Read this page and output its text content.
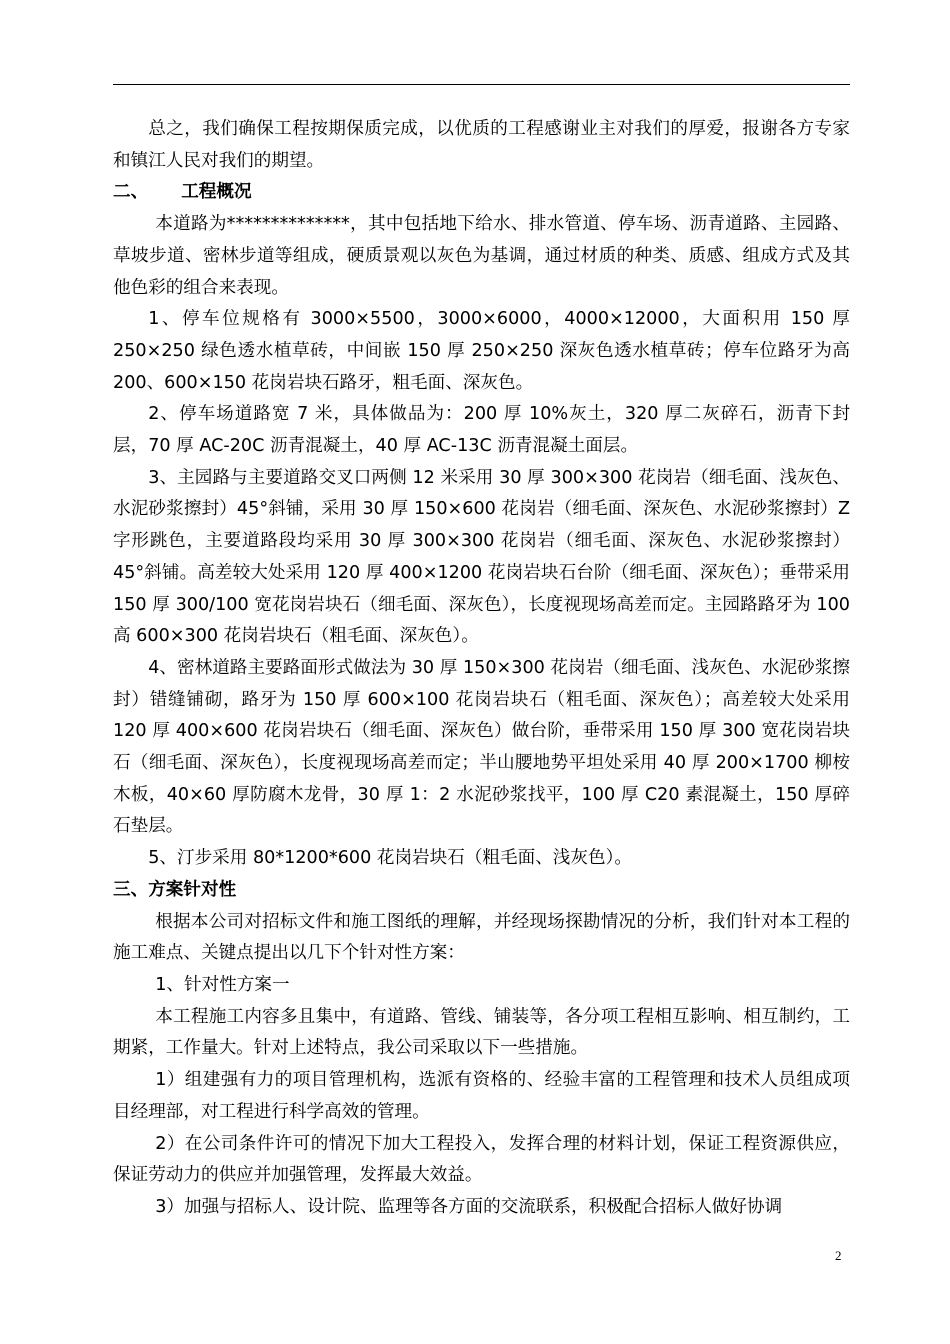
总之，我们确保工程按期保质完成，以优质的工程感谢业主对我们的厚爱，报谢各方专家和镇江人民对我们的期望。

二、 工程概况

本道路为**************，其中包括地下给水、排水管道、停车场、沥青道路、主园路、草坡步道、密林步道等组成，硬质景观以灰色为基调，通过材质的种类、质感、组成方式及其他色彩的组合来表现。

1、停车位规格有 3000×5500，3000×6000，4000×12000，大面积用 150 厚 250×250 绿色透水植草砖，中间嵌 150 厚 250×250 深灰色透水植草砖；停车位路牙为高 200、600×150 花岗岩块石路牙，粗毛面、深灰色。

2、停车场道路宽 7 米，具体做品为：200 厚 10%灰土，320 厚二灰碎石，沥青下封层，70 厚 AC-20C 沥青混凝土，40 厚 AC-13C 沥青混凝土面层。

3、主园路与主要道路交叉口两侧 12 米采用 30 厚 300×300 花岗岩（细毛面、浅灰色、水泥砂浆擦封）45°斜铺，采用 30 厚 150×600 花岗岩（细毛面、深灰色、水泥砂浆擦封）Z 字形跳色，主要道路段均采用 30 厚 300×300 花岗岩（细毛面、深灰色、水泥砂浆擦封）45°斜铺。高差较大处采用 120 厚 400×1200 花岗岩块石台阶（细毛面、深灰色）；垂带采用 150 厚 300/100 宽花岗岩块石（细毛面、深灰色），长度视现场高差而定。主园路路牙为 100 高 600×300 花岗岩块石（粗毛面、深灰色）。

4、密林道路主要路面形式做法为 30 厚 150×300 花岗岩（细毛面、浅灰色、水泥砂浆擦封）错缝铺砌，路牙为 150 厚 600×100 花岗岩块石（粗毛面、深灰色）；高差较大处采用 120 厚 400×600 花岗岩块石（细毛面、深灰色）做台阶，垂带采用 150 厚 300 宽花岗岩块石（细毛面、深灰色），长度视现场高差而定；半山腰地势平坦处采用 40 厚 200×1700 柳桉木板，40×60 厚防腐木龙骨，30 厚 1：2 水泥砂浆找平，100 厚 C20 素混凝土，150 厚碎石垫层。

5、汀步采用 80*1200*600 花岗岩块石（粗毛面、浅灰色）。

三、方案针对性

根据本公司对招标文件和施工图纸的理解，并经现场探勘情况的分析，我们针对本工程的施工难点、关键点提出以几下个针对性方案：

1、针对性方案一

本工程施工内容多且集中，有道路、管线、铺装等，各分项工程相互影响、相互制约，工期紧，工作量大。针对上述特点，我公司采取以下一些措施。

1）组建强有力的项目管理机构，选派有资格的、经验丰富的工程管理和技术人员组成项目经理部，对工程进行科学高效的管理。

2）在公司条件许可的情况下加大工程投入，发挥合理的材料计划，保证工程资源供应，保证劳动力的供应并加强管理，发挥最大效益。

3）加强与招标人、设计院、监理等各方面的交流联系，积极配合招标人做好协调

2
